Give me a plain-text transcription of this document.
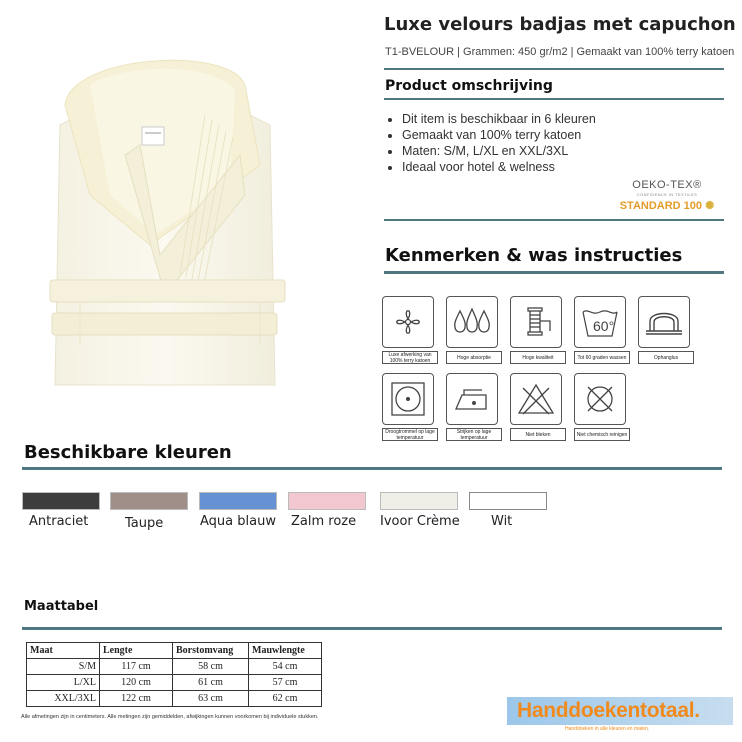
Luxe velours badjas met capuchon
T1-BVELOUR | Grammen: 450 gr/m2 | Gemaakt van 100% terry katoen
Product omschrijving
• Dit item is beschikbaar in 6 kleuren
• Gemaakt van 100% terry katoen
• Maten: S/M, L/XL en XXL/3XL
• Ideaal voor hotel & welness
OEKO-TEX®
CONFIDENCE IN TEXTILES
STANDARD 100 ✺
Kenmerken & was instructies
Luxe afwerking van 100% terry katoen	Hoge absorptie	Hoge kwaliteit
60°
Tot 60 graden wassen	Ophanglus
Droogtrommel op lage temperatuur
Strijken op lage temperatuur	Niet bleken	Niet chemisch reinigen
Beschikbare kleuren
Antraciet	Taupe	Aqua blauw Zalm roze Ivoor Crème Wit
Maattabel
Maat	Lengte	Borstomvang	Mauwlengte
S/M	117 cm	58 cm	54 cm
L/XL	120 cm	61 cm	57 cm
XXL/3XL	122 cm	63 cm	62 cm
Alle afmetingen zijn in centimeters. Alle metingen zijn gemiddelden, afwijkingen kunnen voorkomen bij individuele stukken.	Handdoekentotaal.
Handdoeken in alle kleuren en maten.
